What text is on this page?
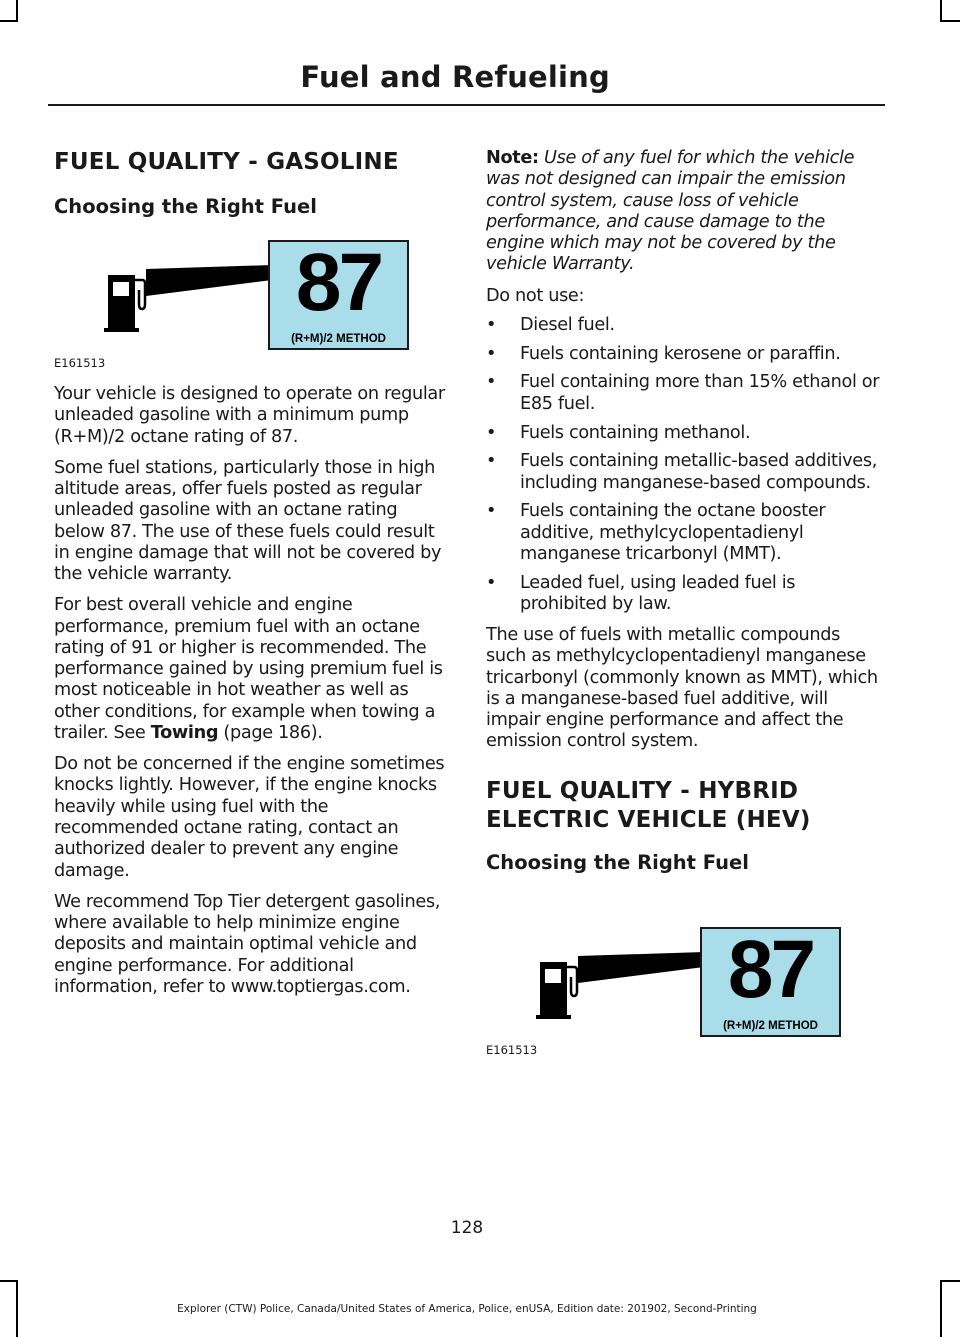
Fuel and Refueling
FUEL QUALITY - GASOLINE
Choosing the Right Fuel
87
(R+M)/2 METHOD
E161513

Your vehicle is designed to operate on regular unleaded gasoline with a minimum pump (R+M)/2 octane rating of 87.

Some fuel stations, particularly those in high altitude areas, offer fuels posted as regular unleaded gasoline with an octane rating below 87. The use of these fuels could result in engine damage that will not be covered by the vehicle warranty.

For best overall vehicle and engine performance, premium fuel with an octane rating of 91 or higher is recommended. The performance gained by using premium fuel is most noticeable in hot weather as well as other conditions, for example when towing a trailer. See Towing (page 186).

Do not be concerned if the engine sometimes knocks lightly. However, if the engine knocks heavily while using fuel with the recommended octane rating, contact an authorized dealer to prevent any engine damage.

We recommend Top Tier detergent gasolines, where available to help minimize engine deposits and maintain optimal vehicle and engine performance. For additional information, refer to www.toptiergas.com.

Note: Use of any fuel for which the vehicle was not designed can impair the emission control system, cause loss of vehicle performance, and cause damage to the engine which may not be covered by the vehicle Warranty.

Do not use:

• Diesel fuel.
• Fuels containing kerosene or paraffin.
• Fuel containing more than 15% ethanol or E85 fuel.
• Fuels containing methanol.
• Fuels containing metallic-based additives, including manganese-based compounds.
• Fuels containing the octane booster additive, methylcyclopentadienyl manganese tricarbonyl (MMT).
• Leaded fuel, using leaded fuel is prohibited by law.

The use of fuels with metallic compounds such as methylcyclopentadienyl manganese tricarbonyl (commonly known as MMT), which is a manganese-based fuel additive, will impair engine performance and affect the emission control system.

FUEL QUALITY - HYBRID
ELECTRIC VEHICLE (HEV)
Choosing the Right Fuel
87
(R+M)/2 METHOD
E161513
128
Explorer (CTW) Police, Canada/United States of America, Police, enUSA, Edition date: 201902, Second-Printing
